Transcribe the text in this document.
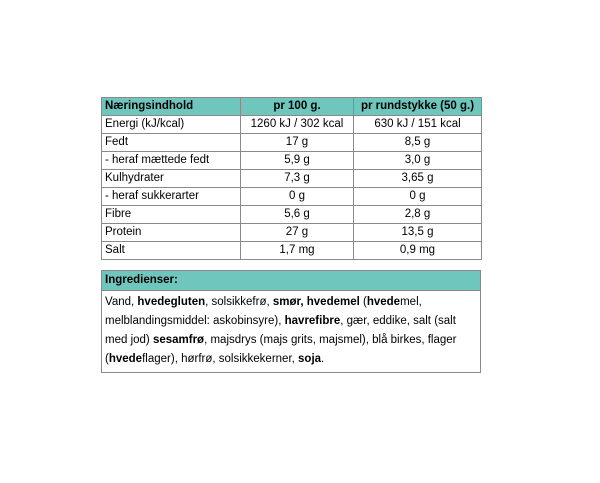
Næringsindhold	pr 100 g.	pr rundstykke (50 g.)
Energi (kJ/kcal)	1260 kJ / 302 kcal	630 kJ / 151 kcal
Fedt	17 g	8,5 g
- heraf mættede fedt	5,9 g	3,0 g
Kulhydrater	7,3 g	3,65 g
- heraf sukkerarter	0 g	0 g
Fibre	5,6 g	2,8 g
Protein	27 g	13,5 g
Salt	1,7 mg	0,9 mg
Ingredienser:
Vand, hvedegluten, solsikkefrø, smør, hvedemel (hvedemel, melblandingsmiddel: askobinsyre), havrefibre, gær, eddike, salt (salt med jod) sesamfrø, majsdrys (majs grits, majsmel), blå birkes, flager (hvedeflager), hørfrø, solsikkekerner, soja.
